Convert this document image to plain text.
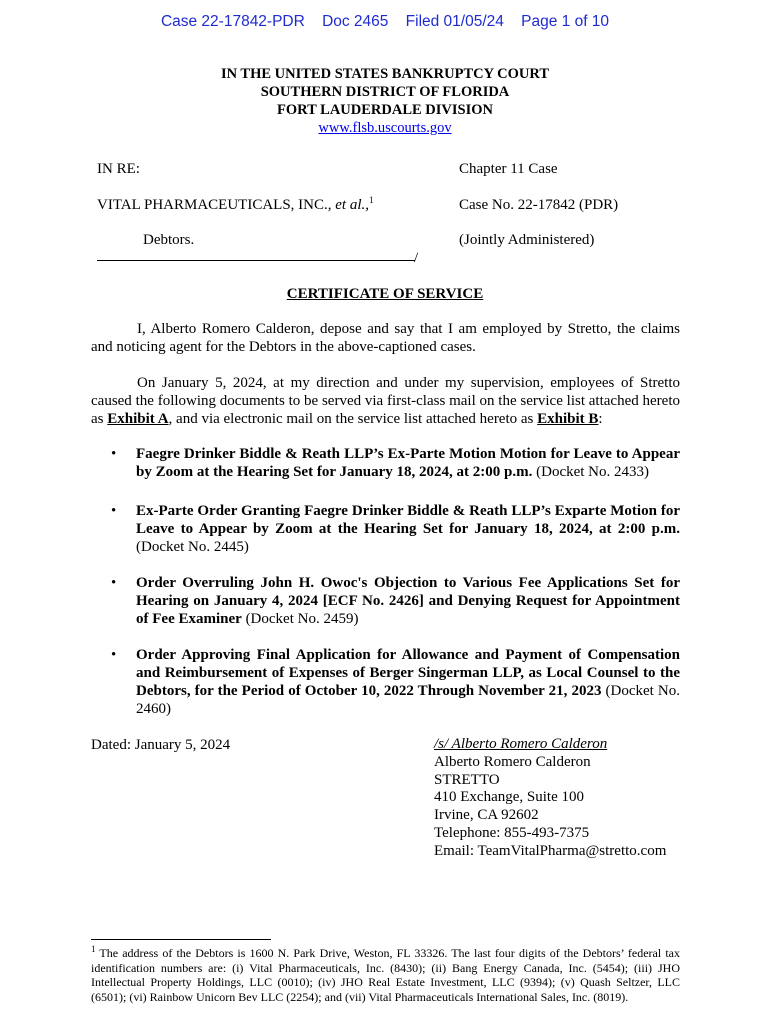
Case 22-17842-PDR Doc 2465 Filed 01/05/24 Page 1 of 10
IN THE UNITED STATES BANKRUPTCY COURT
SOUTHERN DISTRICT OF FLORIDA
FORT LAUDERDALE DIVISION
www.flsb.uscourts.gov
IN RE:
VITAL PHARMACEUTICALS, INC., et al.,$^1$
Debtors.
/
Chapter 11 Case
Case No. 22-17842 (PDR)
(Jointly Administered)
CERTIFICATE OF SERVICE
I, Alberto Romero Calderon, depose and say that I am employed by Stretto, the claims and noticing agent for the Debtors in the above-captioned cases.
On January 5, 2024, at my direction and under my supervision, employees of Stretto caused the following documents to be served via first-class mail on the service list attached hereto as Exhibit A, and via electronic mail on the service list attached hereto as Exhibit B:
• Faegre Drinker Biddle & Reath LLP’s Ex-Parte Motion Motion for Leave to Appear by Zoom at the Hearing Set for January 18, 2024, at 2:00 p.m. (Docket No. 2433)
• Ex-Parte Order Granting Faegre Drinker Biddle & Reath LLP’s Exparte Motion for Leave to Appear by Zoom at the Hearing Set for January 18, 2024, at 2:00 p.m. (Docket No. 2445)
• Order Overruling John H. Owoc's Objection to Various Fee Applications Set for Hearing on January 4, 2024 [ECF No. 2426] and Denying Request for Appointment of Fee Examiner (Docket No. 2459)
• Order Approving Final Application for Allowance and Payment of Compensation and Reimbursement of Expenses of Berger Singerman LLP, as Local Counsel to the Debtors, for the Period of October 10, 2022 Through November 21, 2023 (Docket No. 2460)
Dated: January 5, 2024	/s/ Alberto Romero Calderon
Alberto Romero Calderon
STRETTO
410 Exchange, Suite 100
Irvine, CA 92602
Telephone: 855-493-7375
Email: TeamVitalPharma@stretto.com
$^1$ The address of the Debtors is 1600 N. Park Drive, Weston, FL 33326. The last four digits of the Debtors’ federal tax identification numbers are: (i) Vital Pharmaceuticals, Inc. (8430); (ii) Bang Energy Canada, Inc. (5454); (iii) JHO Intellectual Property Holdings, LLC (0010); (iv) JHO Real Estate Investment, LLC (9394); (v) Quash Seltzer, LLC (6501); (vi) Rainbow Unicorn Bev LLC (2254); and (vii) Vital Pharmaceuticals International Sales, Inc. (8019).
